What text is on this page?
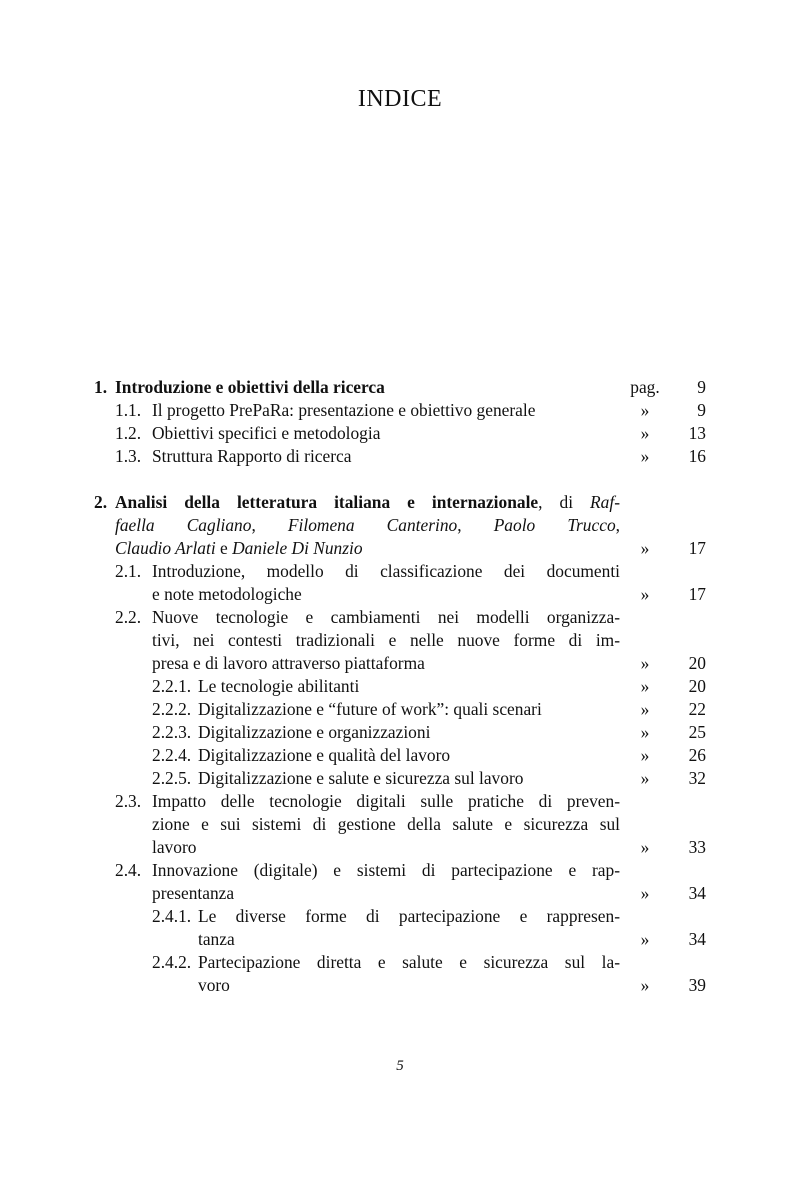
INDICE
1. Introduzione e obiettivi della ricerca	pag.	9
1.1. Il progetto PrePaRa: presentazione e obiettivo generale	»	9
1.2. Obiettivi specifici e metodologia	»	13
1.3. Struttura Rapporto di ricerca	»	16
2. Analisi della letteratura italiana e internazionale, di Raf-
faella Cagliano, Filomena Canterino, Paolo Trucco,
Claudio Arlati e Daniele Di Nunzio	»	17
2.1. Introduzione, modello di classificazione dei documenti
e note metodologiche	»	17
2.2. Nuove tecnologie e cambiamenti nei modelli organizza-
tivi, nei contesti tradizionali e nelle nuove forme di im-
presa e di lavoro attraverso piattaforma	»	20
2.2.1. Le tecnologie abilitanti	»	20
2.2.2. Digitalizzazione e “future of work”: quali scenari	»	22
2.2.3. Digitalizzazione e organizzazioni	»	25
2.2.4. Digitalizzazione e qualità del lavoro	»	26
2.2.5. Digitalizzazione e salute e sicurezza sul lavoro	»	32
2.3. Impatto delle tecnologie digitali sulle pratiche di preven-
zione e sui sistemi di gestione della salute e sicurezza sul
lavoro	»	33
2.4. Innovazione (digitale) e sistemi di partecipazione e rap-
presentanza	»	34
2.4.1. Le diverse forme di partecipazione e rappresen-
tanza	»	34
2.4.2. Partecipazione diretta e salute e sicurezza sul la-
voro	»	39
5
